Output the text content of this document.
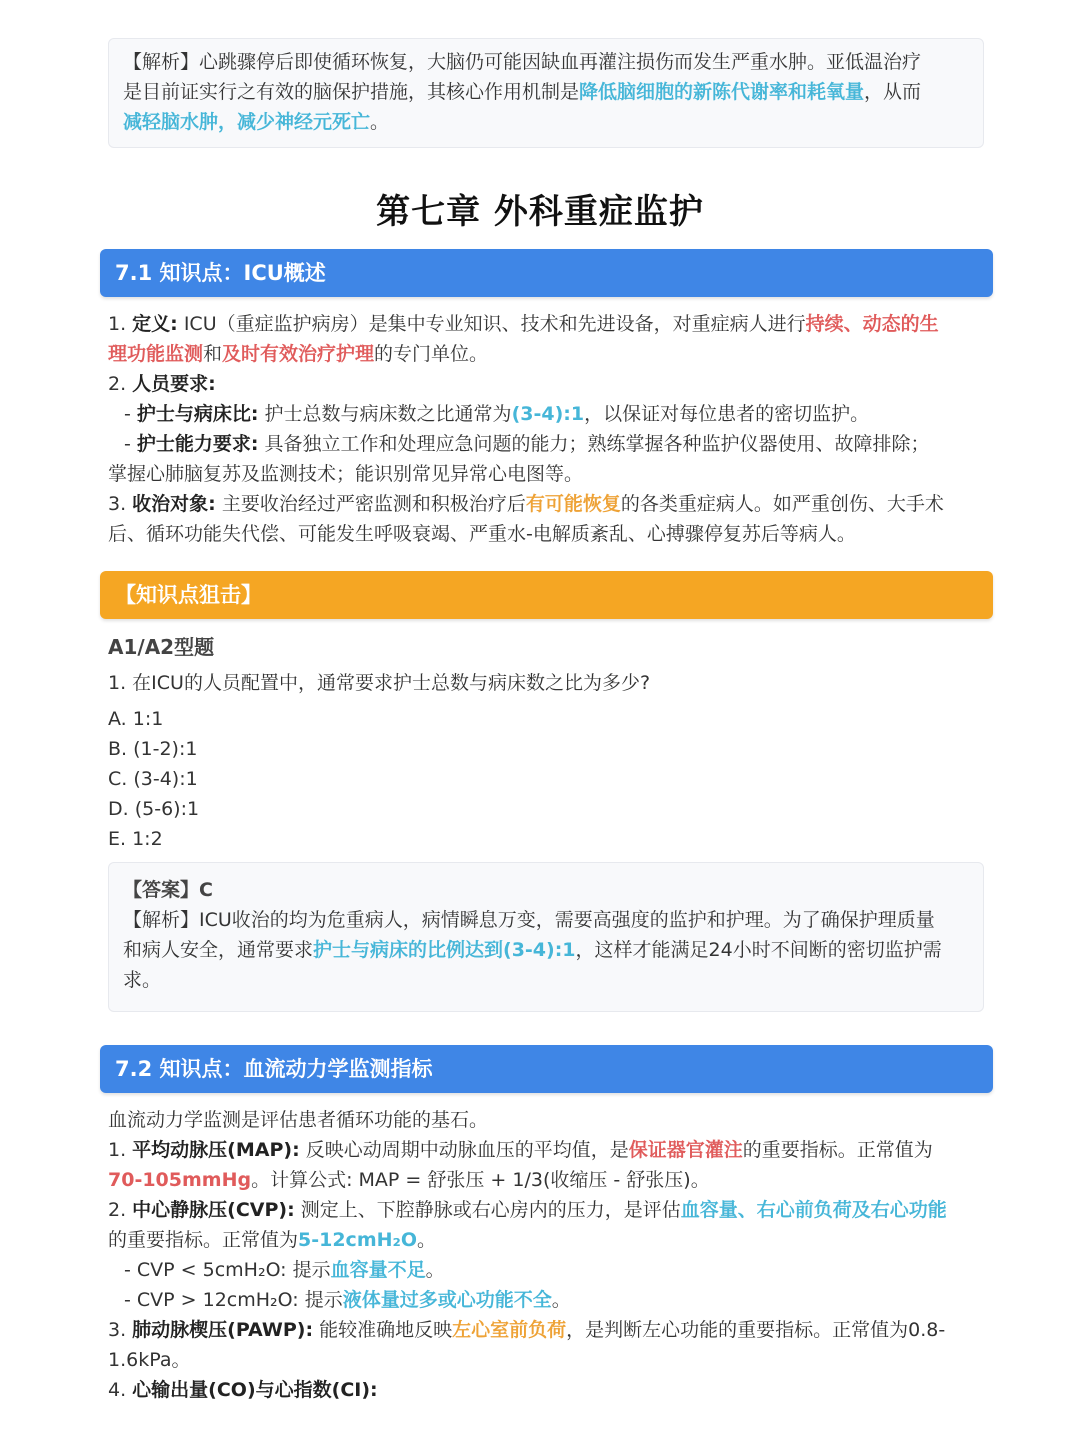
【解析】心跳骤停后即使循环恢复，大脑仍可能因缺血再灌注损伤而发生严重水肿。亚低温治疗
是目前证实行之有效的脑保护措施，其核心作用机制是降低脑细胞的新陈代谢率和耗氧量，从而
减轻脑水肿，减少神经元死亡。
第七章 外科重症监护
7.1 知识点：ICU概述
1. 定义: ICU（重症监护病房）是集中专业知识、技术和先进设备，对重症病人进行持续、动态的生
理功能监测和及时有效治疗护理的专门单位。
2. 人员要求:
- 护士与病床比: 护士总数与病床数之比通常为(3-4):1，以保证对每位患者的密切监护。
- 护士能力要求: 具备独立工作和处理应急问题的能力；熟练掌握各种监护仪器使用、故障排除；
掌握心肺脑复苏及监测技术；能识别常见异常心电图等。
3. 收治对象: 主要收治经过严密监测和积极治疗后有可能恢复的各类重症病人。如严重创伤、大手术
后、循环功能失代偿、可能发生呼吸衰竭、严重水-电解质紊乱、心搏骤停复苏后等病人。
【知识点狙击】
A1/A2型题
1. 在ICU的人员配置中，通常要求护士总数与病床数之比为多少?
A. 1:1
B. (1-2):1
C. (3-4):1
D. (5-6):1
E. 1:2
【答案】C
【解析】ICU收治的均为危重病人，病情瞬息万变，需要高强度的监护和护理。为了确保护理质量
和病人安全，通常要求护士与病床的比例达到(3-4):1，这样才能满足24小时不间断的密切监护需
求。
7.2 知识点：血流动力学监测指标
血流动力学监测是评估患者循环功能的基石。
1. 平均动脉压(MAP): 反映心动周期中动脉血压的平均值，是保证器官灌注的重要指标。正常值为
70-105mmHg。计算公式: MAP = 舒张压 + 1/3(收缩压 - 舒张压)。
2. 中心静脉压(CVP): 测定上、下腔静脉或右心房内的压力，是评估血容量、右心前负荷及右心功能
的重要指标。正常值为5-12cmH₂O。
- CVP < 5cmH₂O: 提示血容量不足。
- CVP > 12cmH₂O: 提示液体量过多或心功能不全。
3. 肺动脉楔压(PAWP): 能较准确地反映左心室前负荷，是判断左心功能的重要指标。正常值为0.8-
1.6kPa。
4. 心输出量(CO)与心指数(CI):
